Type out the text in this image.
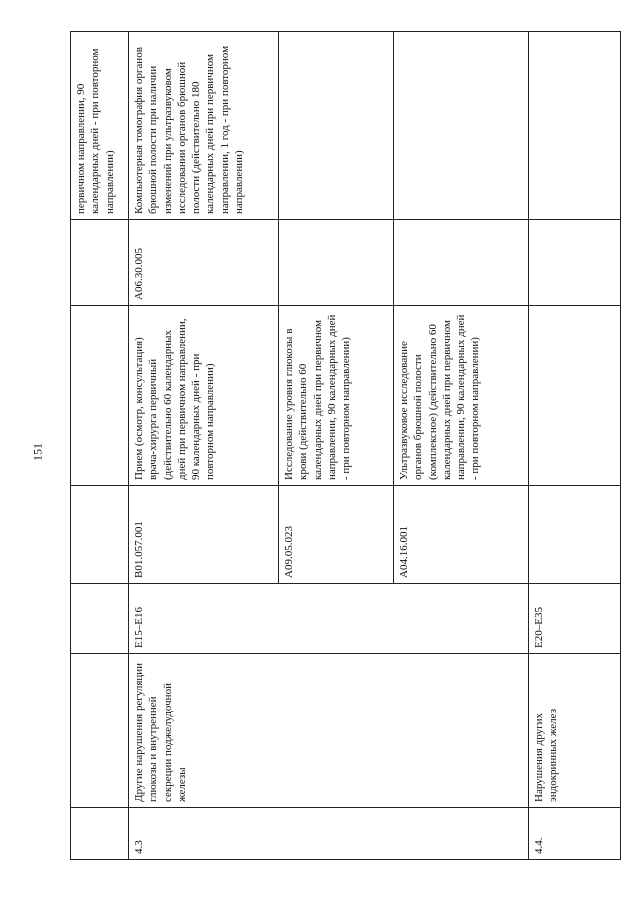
151
						первичном направлении, 90 календарных дней - при повторном направлении)
4.3	Другие нарушения регуляции глюкозы и внутренней секреции поджелудочной железы	E15–E16	B01.057.001	Прием (осмотр, консультация) врача-хирурга первичный (действительно 60 календарных дней при первичном направлении, 90 календарных дней - при повторном направлении)	A06.30.005	Компьютерная томография органов брюшной полости при наличии изменений при ультразвуковом исследовании органов брюшной полости (действительно 180 календарных дней при первичном направлении, 1 год - при повторном направлении)
			A09.05.023	Исследование уровня глюкозы в крови (действительно 60 календарных дней при первичном направлении, 90 календарных дней - при повторном направлении)		
			A04.16.001	Ультразвуковое исследование органов брюшной полости (комплексное) (действительно 60 календарных дней при первичном направлении, 90 календарных дней - при повторном направлении)		
4.4.	Нарушения других эндокринных желез	E20–E35				
